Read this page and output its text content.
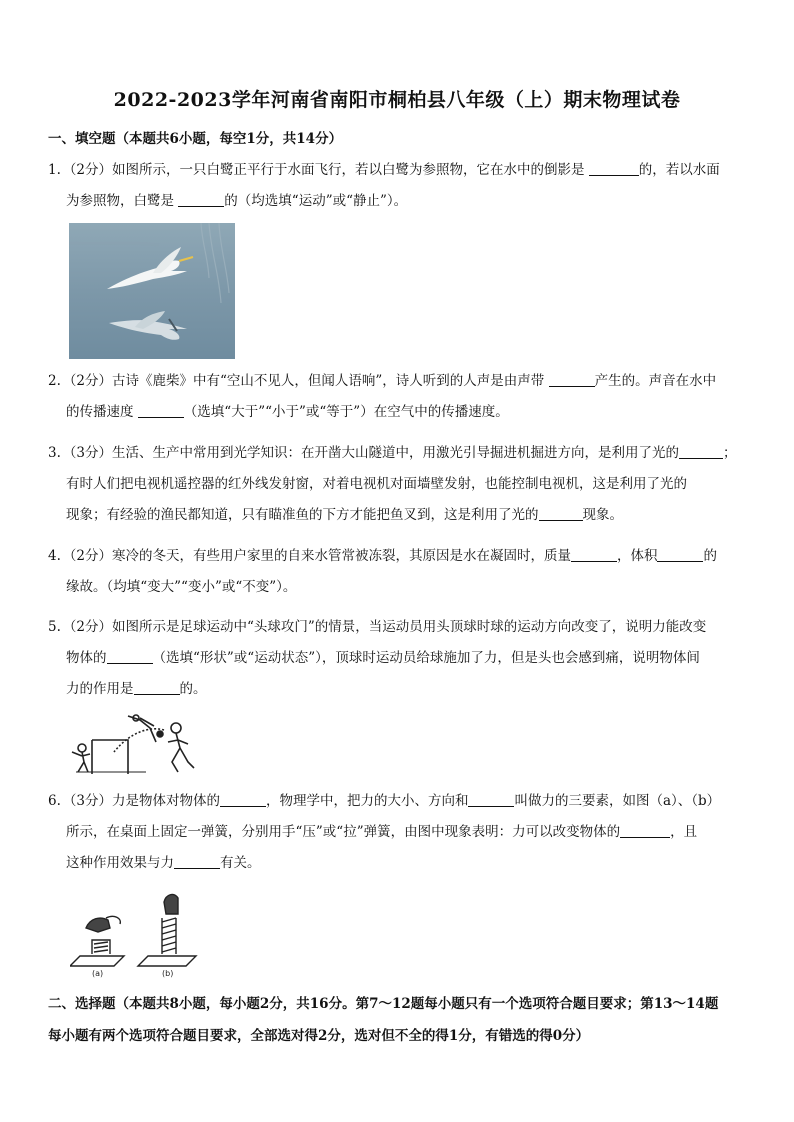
2022-2023学年河南省南阳市桐柏县八年级（上）期末物理试卷
一、填空题（本题共6小题，每空1分，共14分）
1. （2分）如图所示，一只白鹭正平行于水面飞行，若以白鹭为参照物，它在水中的倒影是	的，若以水面
为参照物，白鹭是	的（均选填“运动”或“静止”）。
2. （2分）古诗《鹿柴》中有“空山不见人，但闻人语响”，诗人听到的人声是由声带	产生的。声音在水中
的传播速度	（选填“大于”“小于”或“等于”）在空气中的传播速度。
3. （3分）生活、生产中常用到光学知识：在开凿大山隧道中，用激光引导掘进机掘进方向，是利用了光的	；
有时人们把电视机遥控器的红外线发射窗，对着电视机对面墙壁发射，也能控制电视机，这是利用了光的
现象；有经验的渔民都知道，只有瞄准鱼的下方才能把鱼叉到，这是利用了光的	现象。
4. （2分）寒冷的冬天，有些用户家里的自来水管常被冻裂，其原因是水在凝固时，质量	，体积	的
缘故。（均填“变大”“变小”或“不变”）。
5. （2分）如图所示是足球运动中“头球攻门”的情景，当运动员用头顶球时球的运动方向改变了，说明力能改变
物体的	（选填“形状”或“运动状态”），顶球时运动员给球施加了力，但是头也会感到痛，说明物体间
力的作用是	的。
6. （3分）力是物体对物体的	，物理学中，把力的大小、方向和	叫做力的三要素，如图（a）、（b）
所示，在桌面上固定一弹簧，分别用手“压”或“拉”弹簧，由图中现象表明：力可以改变物体的	，且
这种作用效果与力	有关。
(a)	(b)
二、选择题（本题共8小题，每小题2分，共16分。第7～12题每小题只有一个选项符合题目要求；第13～14题
每小题有两个选项符合题目要求，全部选对得2分，选对但不全的得1分，有错选的得0分）
